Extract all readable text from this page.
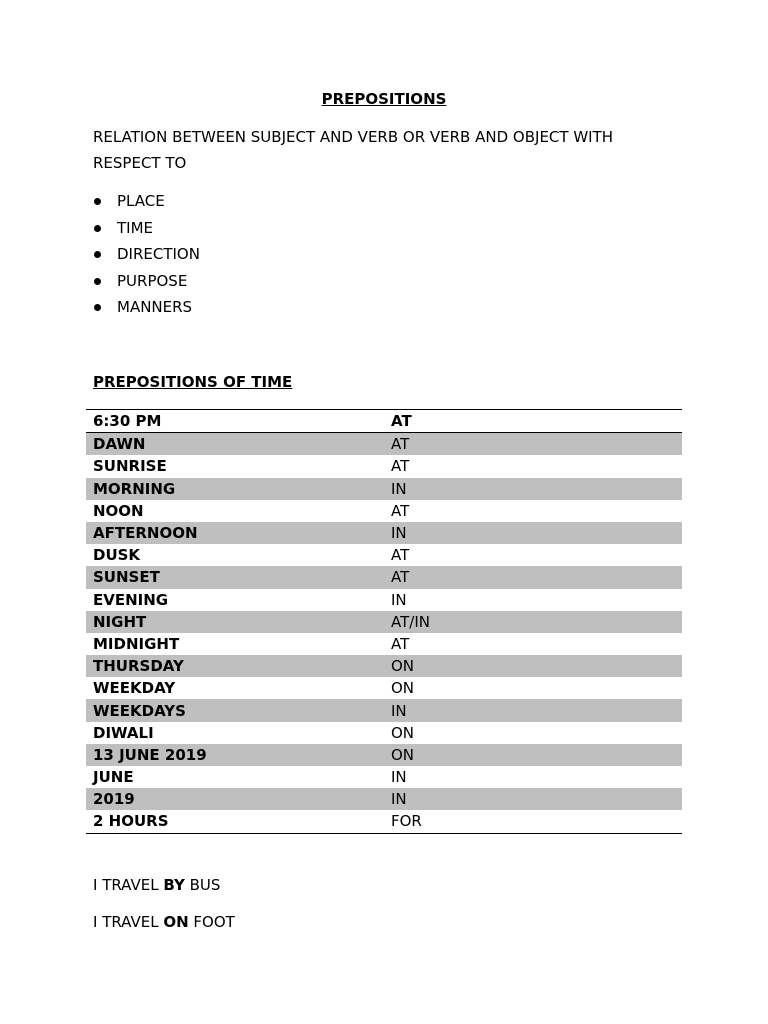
PREPOSITIONS
RELATION BETWEEN SUBJECT AND VERB OR VERB AND OBJECT WITH RESPECT TO
PLACE
TIME
DIRECTION
PURPOSE
MANNERS
PREPOSITIONS OF TIME
6:30 PM	AT
DAWN	AT
SUNRISE	AT
MORNING	IN
NOON	AT
AFTERNOON	IN
DUSK	AT
SUNSET	AT
EVENING	IN
NIGHT	AT/IN
MIDNIGHT	AT
THURSDAY	ON
WEEKDAY	ON
WEEKDAYS	IN
DIWALI	ON
13 JUNE 2019	ON
JUNE	IN
2019	IN
2 HOURS	FOR
I TRAVEL BY BUS
I TRAVEL ON FOOT
